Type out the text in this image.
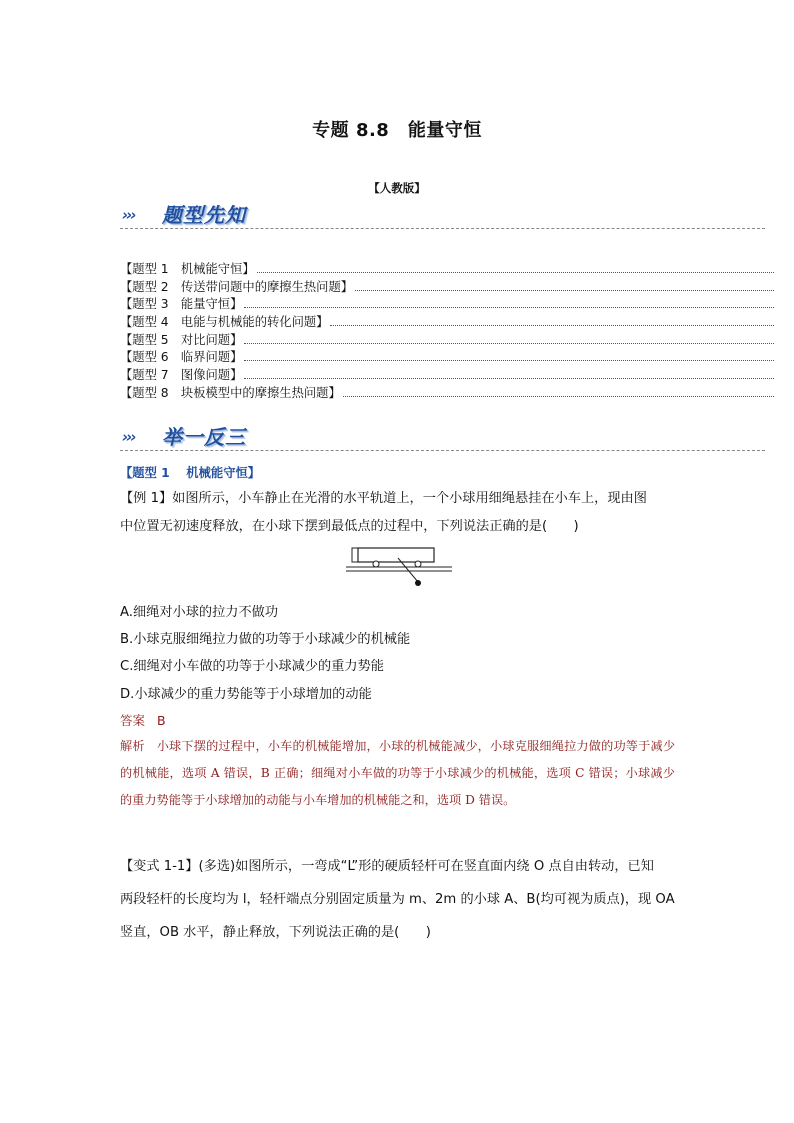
专题 8.8　能量守恒
【人教版】
››› 题型先知
【题型 1　机械能守恒】
【题型 2　传送带问题中的摩擦生热问题】
【题型 3　能量守恒】
【题型 4　电能与机械能的转化问题】
【题型 5　对比问题】
【题型 6　临界问题】
【题型 7　图像问题】
【题型 8　块板模型中的摩擦生热问题】
››› 举一反三
【题型 1　 机械能守恒】
【例 1】如图所示，小车静止在光滑的水平轨道上，一个小球用细绳悬挂在小车上，现由图
中位置无初速度释放，在小球下摆到最低点的过程中，下列说法正确的是(　　)
A.细绳对小球的拉力不做功
B.小球克服细绳拉力做的功等于小球减少的机械能
C.细绳对小车做的功等于小球减少的重力势能
D.小球减少的重力势能等于小球增加的动能
答案 B
解析 小球下摆的过程中，小车的机械能增加，小球的机械能减少，小球克服细绳拉力做的功等于减少的机械能，选项 A 错误，B 正确；细绳对小车做的功等于小球减少的机械能，选项 C 错误；小球减少的重力势能等于小球增加的动能与小车增加的机械能之和，选项 D 错误。
【变式 1-1】(多选)如图所示，一弯成“L”形的硬质轻杆可在竖直面内绕 O 点自由转动，已知
两段轻杆的长度均为 l，轻杆端点分别固定质量为 m、2m 的小球 A、B(均可视为质点)，现 OA
竖直，OB 水平，静止释放，下列说法正确的是(　　)
